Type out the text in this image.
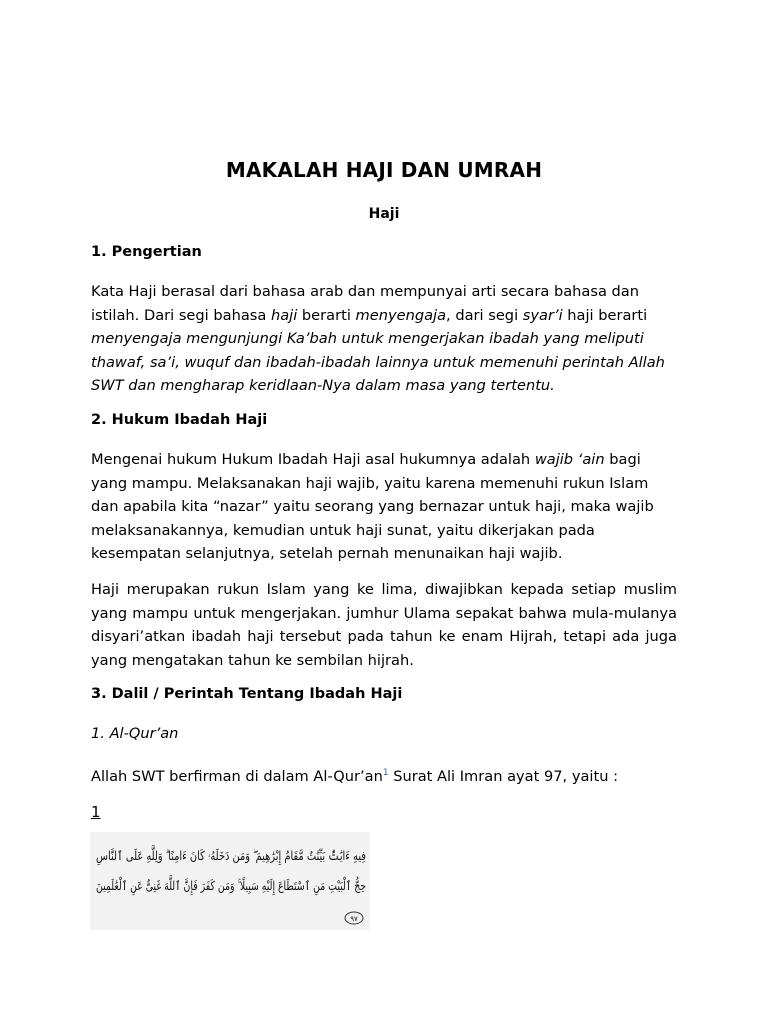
MAKALAH HAJI DAN UMRAH
Haji
1. Pengertian

Kata Haji berasal dari bahasa arab dan mempunyai arti secara bahasa dan istilah. Dari segi bahasa haji berarti menyengaja, dari segi syar’i haji berarti menyengaja mengunjungi Ka’bah untuk mengerjakan ibadah yang meliputi thawaf, sa’i, wuquf dan ibadah-ibadah lainnya untuk memenuhi perintah Allah SWT dan mengharap keridlaan-Nya dalam masa yang tertentu.

2. Hukum Ibadah Haji

Mengenai hukum Hukum Ibadah Haji asal hukumnya adalah wajib ‘ain bagi yang mampu. Melaksanakan haji wajib, yaitu karena memenuhi rukun Islam dan apabila kita “nazar” yaitu seorang yang bernazar untuk haji, maka wajib melaksanakannya, kemudian untuk haji sunat, yaitu dikerjakan pada kesempatan selanjutnya, setelah pernah menunaikan haji wajib.

Haji merupakan rukun Islam yang ke lima, diwajibkan kepada setiap muslim yang mampu untuk mengerjakan. jumhur Ulama sepakat bahwa mula-mulanya disyari’atkan ibadah haji tersebut pada tahun ke enam Hijrah, tetapi ada juga yang mengatakan tahun ke sembilan hijrah.

3. Dalil / Perintah Tentang Ibadah Haji
1. Al-Qur’an

Allah SWT berfirman di dalam $Al-Qur’an^1$ Surat Ali Imran ayat 97, yaitu :

1
فِيهِ ءَايَٰتٌۢ بَيِّنَٰتٌ مَّقَامُ إِبْرَٰهِيمَ ۖ وَمَن دَخَلَهُۥ كَانَ ءَامِنًا ۗ وَلِلَّهِ عَلَى ٱلنَّاسِ
حِجُّ ٱلْبَيْتِ مَنِ ٱسْتَطَاعَ إِلَيْهِ سَبِيلًا ۚ وَمَن كَفَرَ فَإِنَّ ٱللَّهَ غَنِىٌّ عَنِ ٱلْعَٰلَمِينَ
٩٧
